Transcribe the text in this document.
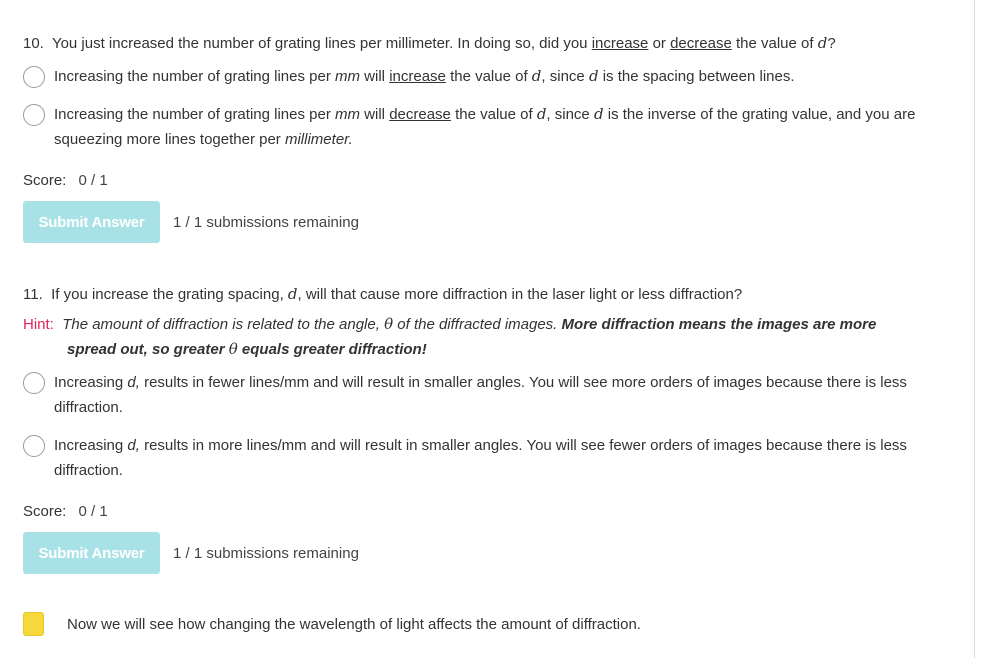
10. You just increased the number of grating lines per millimeter. In doing so, did you increase or decrease the value of d?
Increasing the number of grating lines per mm will increase the value of d, since d is the spacing between lines.
Increasing the number of grating lines per mm will decrease the value of d, since d is the inverse of the grating value, and you are squeezing more lines together per millimeter.
Score: 0 / 1
Submit Answer	1 / 1 submissions remaining
11. If you increase the grating spacing, d, will that cause more diffraction in the laser light or less diffraction?
Hint: The amount of diffraction is related to the angle, θ of the diffracted images. More diffraction means the images are more
spread out, so greater θ equals greater diffraction!
Increasing d, results in fewer lines/mm and will result in smaller angles. You will see more orders of images because there is less diffraction.
Increasing d, results in more lines/mm and will result in smaller angles. You will see fewer orders of images because there is less diffraction.
Score: 0 / 1
Submit Answer	1 / 1 submissions remaining
Now we will see how changing the wavelength of light affects the amount of diffraction.
